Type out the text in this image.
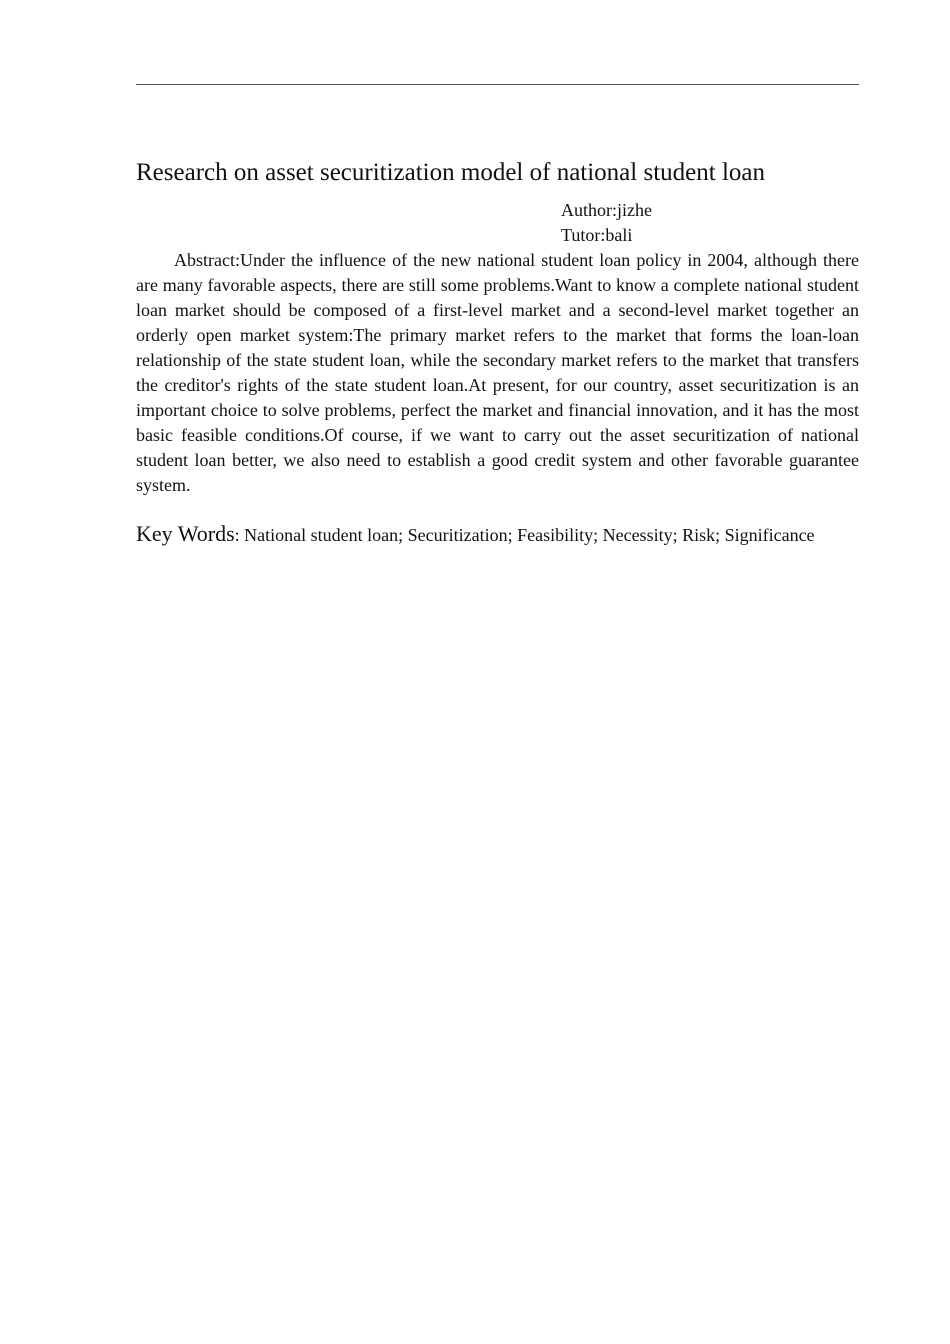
Research on asset securitization model of national student loan
Author:jizhe
Tutor:bali

Abstract:Under the influence of the new national student loan policy in 2004, although there are many favorable aspects, there are still some problems.Want to know a complete national student loan market should be composed of a first-level market and a second-level market together an orderly open market system:The primary market refers to the market that forms the loan-loan relationship of the state student loan, while the secondary market refers to the market that transfers the creditor's rights of the state student loan.At present, for our country, asset securitization is an important choice to solve problems, perfect the market and financial innovation, and it has the most basic feasible conditions.Of course, if we want to carry out the asset securitization of national student loan better, we also need to establish a good credit system and other favorable guarantee system.

Key Words: National student loan; Securitization; Feasibility; Necessity; Risk; Significance
